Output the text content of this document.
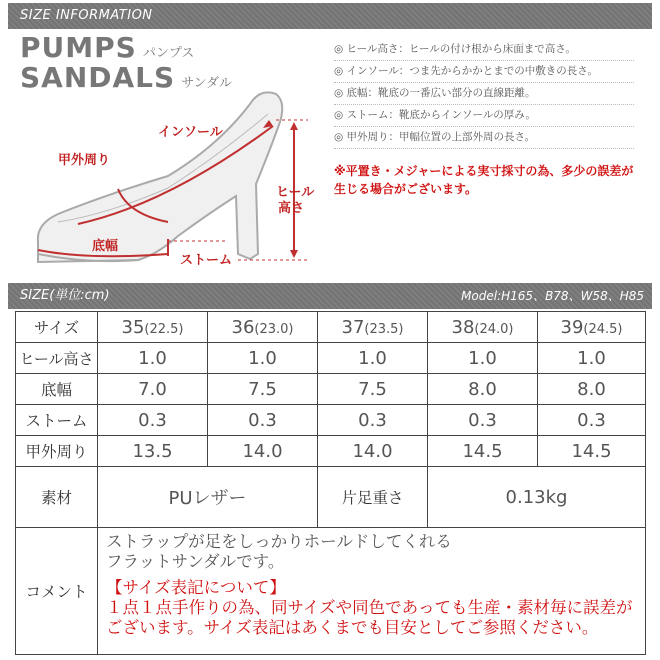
SIZE INFORMATION
PUMPS パンプス
SANDALS サンダル
インソール
甲外周り
ヒール
高さ
底幅
ストーム
◎ ヒール高さ：ヒールの付け根から床面まで高さ。
◎ インソール：つま先からかかとまでの中敷きの長さ。
◎ 底幅：靴底の一番広い部分の直線距離。
◎ ストーム：靴底からインソールの厚み。
◎ 甲外周り：甲幅位置の上部外周の長さ。
※平置き・メジャーによる実寸採寸の為、多少の誤差が生じる場合がございます。
SIZE(単位:cm)	Model:H165、B78、W58、H85
サイズ	35(22.5)	36(23.0)	37(23.5)	38(24.0)	39(24.5)
ヒール高さ	1.0	1.0	1.0	1.0	1.0
底幅	7.0	7.5	7.5	8.0	8.0
ストーム	0.3	0.3	0.3	0.3	0.3
甲外周り	13.5	14.0	14.0	14.5	14.5
素材	PUレザー		片足重さ	0.13kg	
コメント	ストラップが足をしっかりホールドしてくれる
フラットサンダルです。
【サイズ表記について】
１点１点手作りの為、同サイズや同色であっても生産・素材毎に誤差がございます。サイズ表記はあくまでも目安としてご参照ください。				
